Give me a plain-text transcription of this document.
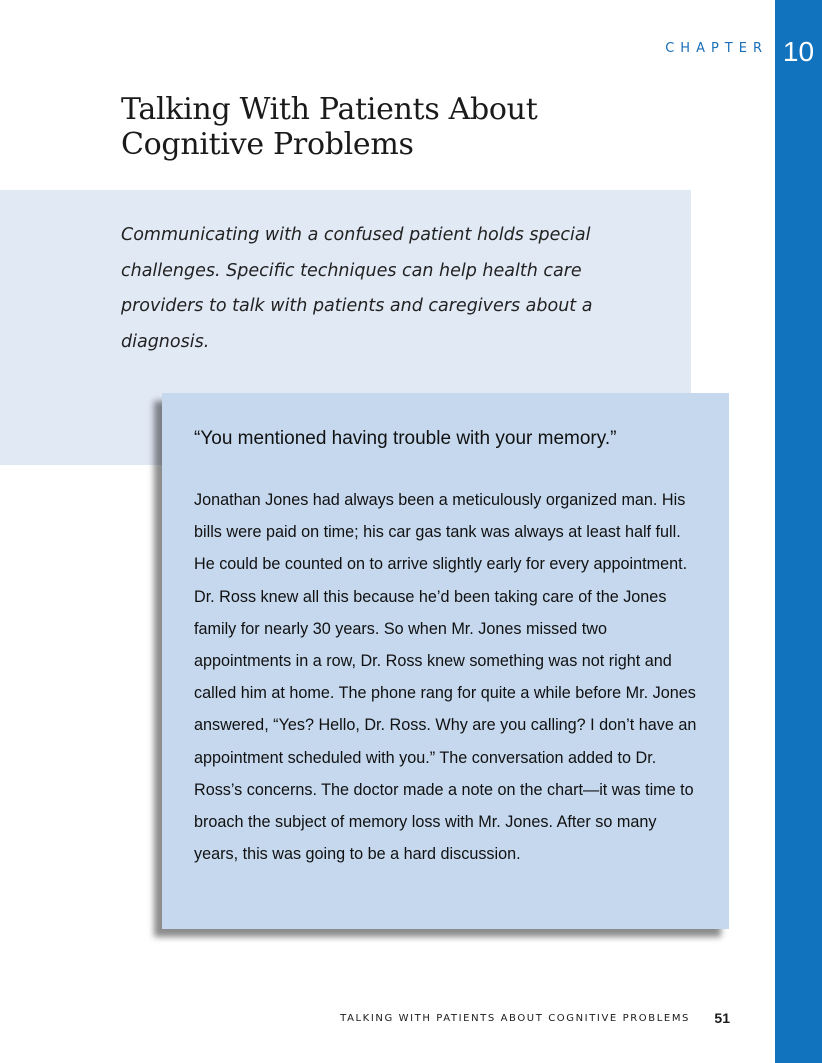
CHAPTER 10
Talking With Patients About
Cognitive Problems

Communicating with a confused patient holds special challenges. Specific techniques can help health care providers to talk with patients and caregivers about a diagnosis.

“You mentioned having trouble with your memory.”

Jonathan Jones had always been a meticulously organized man. His bills were paid on time; his car gas tank was always at least half full. He could be counted on to arrive slightly early for every appointment. Dr. Ross knew all this because he’d been taking care of the Jones family for nearly 30 years. So when Mr. Jones missed two appointments in a row, Dr. Ross knew something was not right and called him at home. The phone rang for quite a while before Mr. Jones answered, “Yes? Hello, Dr. Ross. Why are you calling? I don’t have an appointment scheduled with you.” The conversation added to Dr. Ross’s concerns. The doctor made a note on the chart—it was time to broach the subject of memory loss with Mr. Jones. After so many years, this was going to be a hard discussion.

TALKING WITH PATIENTS ABOUT COGNITIVE PROBLEMS	51
